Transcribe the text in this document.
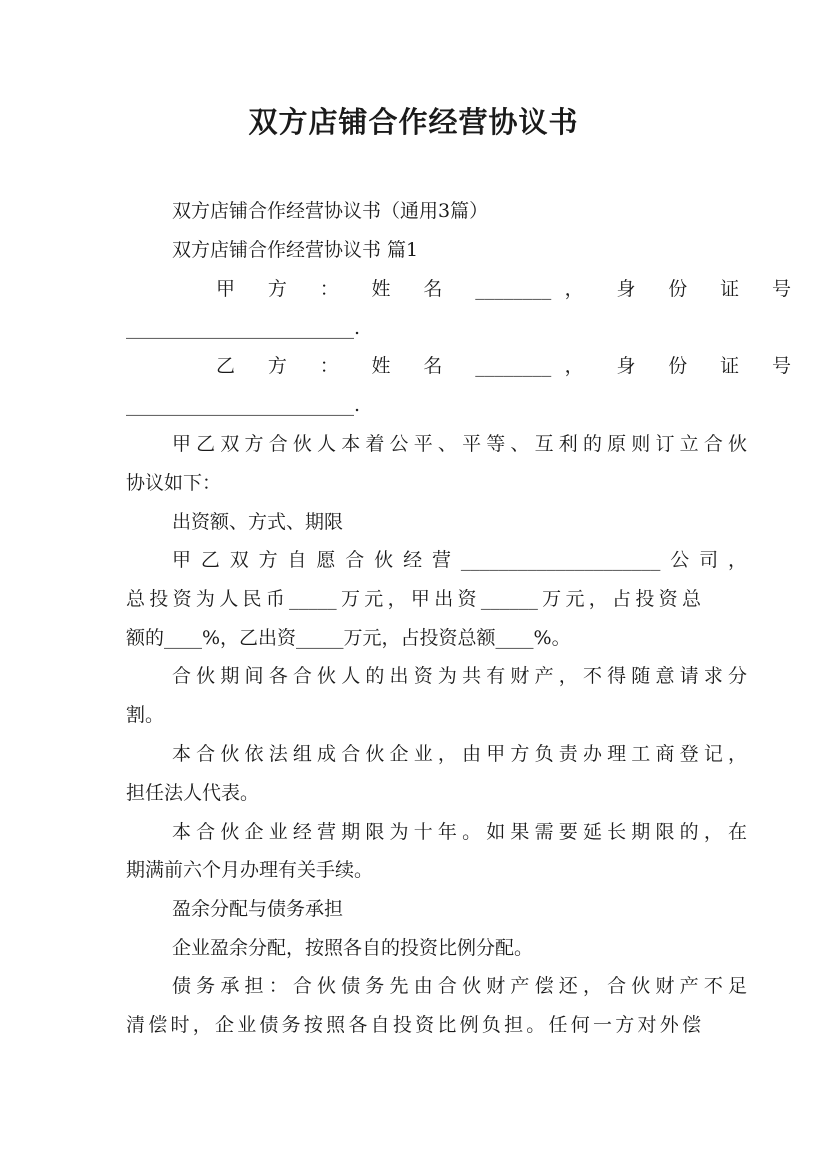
双方店铺合作经营协议书
双方店铺合作经营协议书（通用3篇）
双方店铺合作经营协议书 篇1
甲 方 ： 姓 名 ________， 身 份 证 号
________________________.
乙 方 ： 姓 名 ________， 身 份 证 号
________________________.
甲乙双方合伙人本着公平、平等、互利的原则订立合伙
协议如下：
出资额、方式、期限
甲乙双方自愿合伙经营_____________________公司，
总投资为人民币_____万元，甲出资______万元，占投资总
额的____%，乙出资_____万元，占投资总额____%。
合伙期间各合伙人的出资为共有财产，不得随意请求分
割。
本合伙依法组成合伙企业，由甲方负责办理工商登记，
担任法人代表。
本合伙企业经营期限为十年。如果需要延长期限的，在
期满前六个月办理有关手续。
盈余分配与债务承担
企业盈余分配，按照各自的投资比例分配。
债务承担：合伙债务先由合伙财产偿还，合伙财产不足
清偿时，企业债务按照各自投资比例负担。任何一方对外偿
